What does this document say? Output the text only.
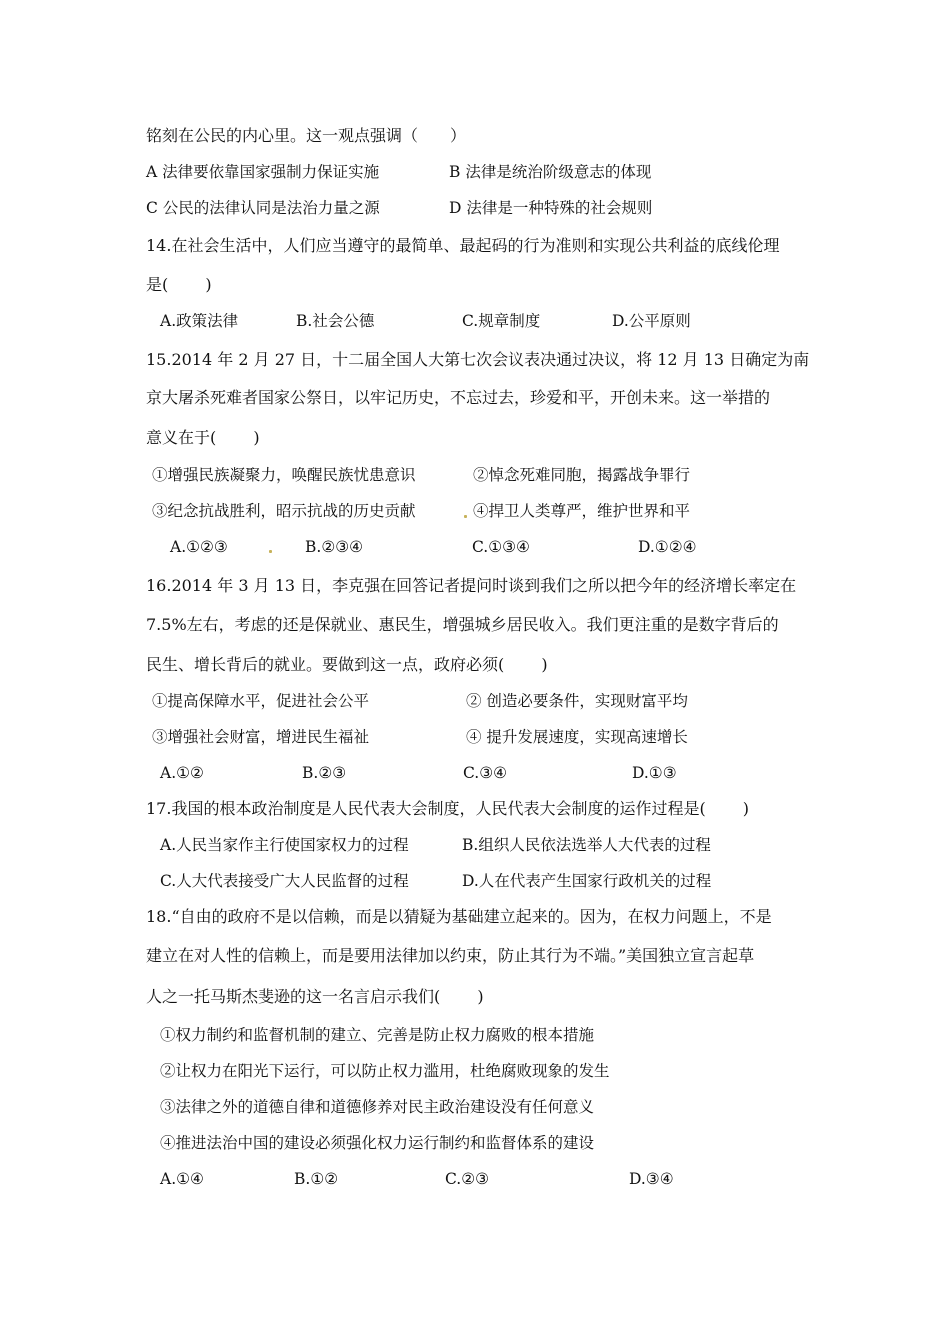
铭刻在公民的内心里。这一观点强调（　　）
A 法律要依靠国家强制力保证实施	B 法律是统治阶级意志的体现
C 公民的法律认同是法治力量之源	D 法律是一种特殊的社会规则
14.在社会生活中，人们应当遵守的最简单、最起码的行为准则和实现公共利益的底线伦理
是(　　 )
A.政策法律	B.社会公德	C.规章制度	D.公平原则
15.2014 年 2 月 27 日，十二届全国人大第七次会议表决通过决议，将 12 月 13 日确定为南
京大屠杀死难者国家公祭日，以牢记历史，不忘过去，珍爱和平，开创未来。这一举措的
意义在于(　　 )
①增强民族凝聚力，唤醒民族忧患意识	②悼念死难同胞，揭露战争罪行
③纪念抗战胜利，昭示抗战的历史贡献	④捍卫人类尊严，维护世界和平
A.①②③	B.②③④	C.①③④	D.①②④
16.2014 年 3 月 13 日，李克强在回答记者提问时谈到我们之所以把今年的经济增长率定在
7.5%左右，考虑的还是保就业、惠民生，增强城乡居民收入。我们更注重的是数字背后的
民生、增长背后的就业。要做到这一点，政府必须(　　 )
①提高保障水平，促进社会公平	② 创造必要条件，实现财富平均
③增强社会财富，增进民生福祉	④ 提升发展速度，实现高速增长
A.①②	B.②③	C.③④	D.①③
17.我国的根本政治制度是人民代表大会制度，人民代表大会制度的运作过程是(　　 )
A.人民当家作主行使国家权力的过程	B.组织人民依法选举人大代表的过程
C.人大代表接受广大人民监督的过程	D.人在代表产生国家行政机关的过程
18.“自由的政府不是以信赖，而是以猜疑为基础建立起来的。因为，在权力问题上，不是
建立在对人性的信赖上，而是要用法律加以约束，防止其行为不端。”美国独立宣言起草
人之一托马斯杰斐逊的这一名言启示我们(　　 )
①权力制约和监督机制的建立、完善是防止权力腐败的根本措施
②让权力在阳光下运行，可以防止权力滥用，杜绝腐败现象的发生
③法律之外的道德自律和道德修养对民主政治建设没有任何意义
④推进法治中国的建设必须强化权力运行制约和监督体系的建设
A.①④	B.①②	C.②③	D.③④
